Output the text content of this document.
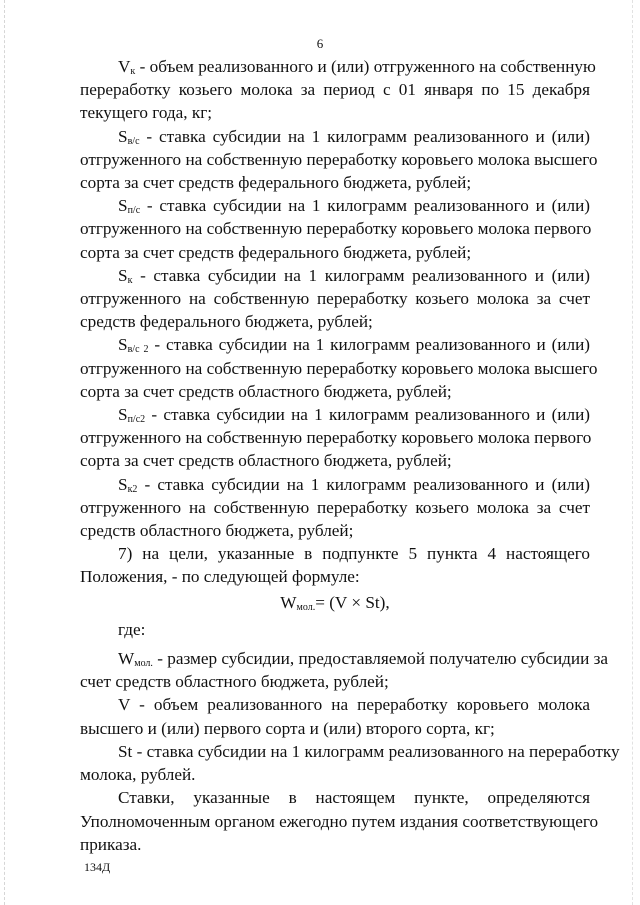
6
$V_к$ - объем реализованного и (или) отгруженного на собственную
переработку козьего молока за период с 01 января по 15 декабря
текущего года, кг;
$S_{в/с}$ - ставка субсидии на 1 килограмм реализованного и (или)
отгруженного на собственную переработку коровьего молока высшего
сорта за счет средств федерального бюджета, рублей;
$S_{п/с}$ - ставка субсидии на 1 килограмм реализованного и (или)
отгруженного на собственную переработку коровьего молока первого
сорта за счет средств федерального бюджета, рублей;
$S_к$ - ставка субсидии на 1 килограмм реализованного и (или)
отгруженного на собственную переработку козьего молока за счет
средств федерального бюджета, рублей;
$S_{в/с 2}$ - ставка субсидии на 1 килограмм реализованного и (или)
отгруженного на собственную переработку коровьего молока высшего
сорта за счет средств областного бюджета, рублей;
$S_{п/с2}$ - ставка субсидии на 1 килограмм реализованного и (или)
отгруженного на собственную переработку коровьего молока первого
сорта за счет средств областного бюджета, рублей;
$S_{к2}$ - ставка субсидии на 1 килограмм реализованного и (или)
отгруженного на собственную переработку козьего молока за счет
средств областного бюджета, рублей;
7) на цели, указанные в подпункте 5 пункта 4 настоящего
Положения, - по следующей формуле:
$W_{мол.}= (V \times St)$,
где:
$W_{мол.}$ - размер субсидии, предоставляемой получателю субсидии за
счет средств областного бюджета, рублей;
V - объем реализованного на переработку коровьего молока
высшего и (или) первого сорта и (или) второго сорта, кг;
St - ставка субсидии на 1 килограмм реализованного на переработку
молока, рублей.
Ставки, указанные в настоящем пункте, определяются
Уполномоченным органом ежегодно путем издания соответствующего
приказа.
134Д
